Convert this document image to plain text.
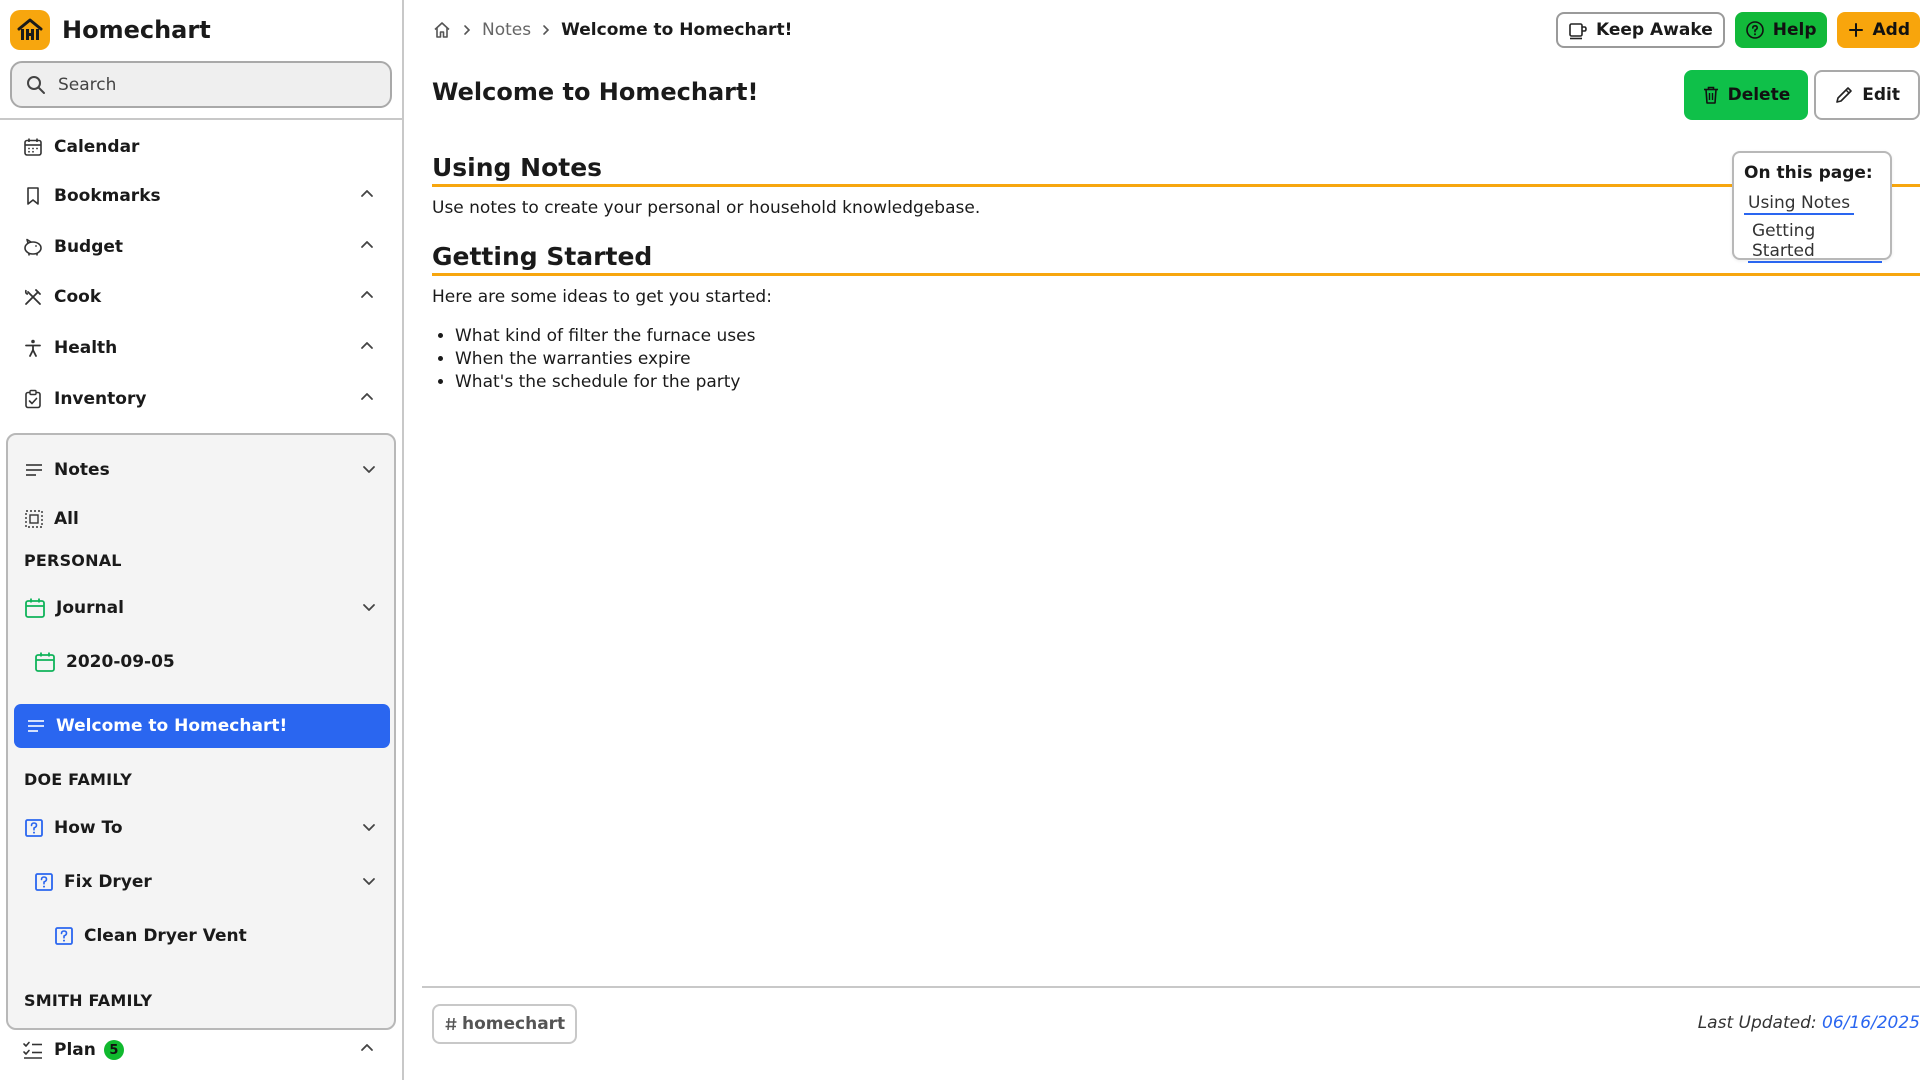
Homechart
Search
Calendar
Bookmarks
Budget
Cook
Health
Inventory
Notes
All
PERSONAL
Journal
2020-09-05
Welcome to Homechart!
DOE FAMILY
How To
Fix Dryer
Clean Dryer Vent
SMITH FAMILY
Plan	5
Notes Welcome to Homechart!	Keep Awake	Help	Add
Welcome to Homechart!	Delete	Edit
Using Notes
Use notes to create your personal or household knowledgebase.
Getting Started
Here are some ideas to get you started:
• What kind of filter the furnace uses
• When the warranties expire
• What's the schedule for the party
On this page:
Using Notes
Getting Started
homechart	Last Updated: 06/16/2025
